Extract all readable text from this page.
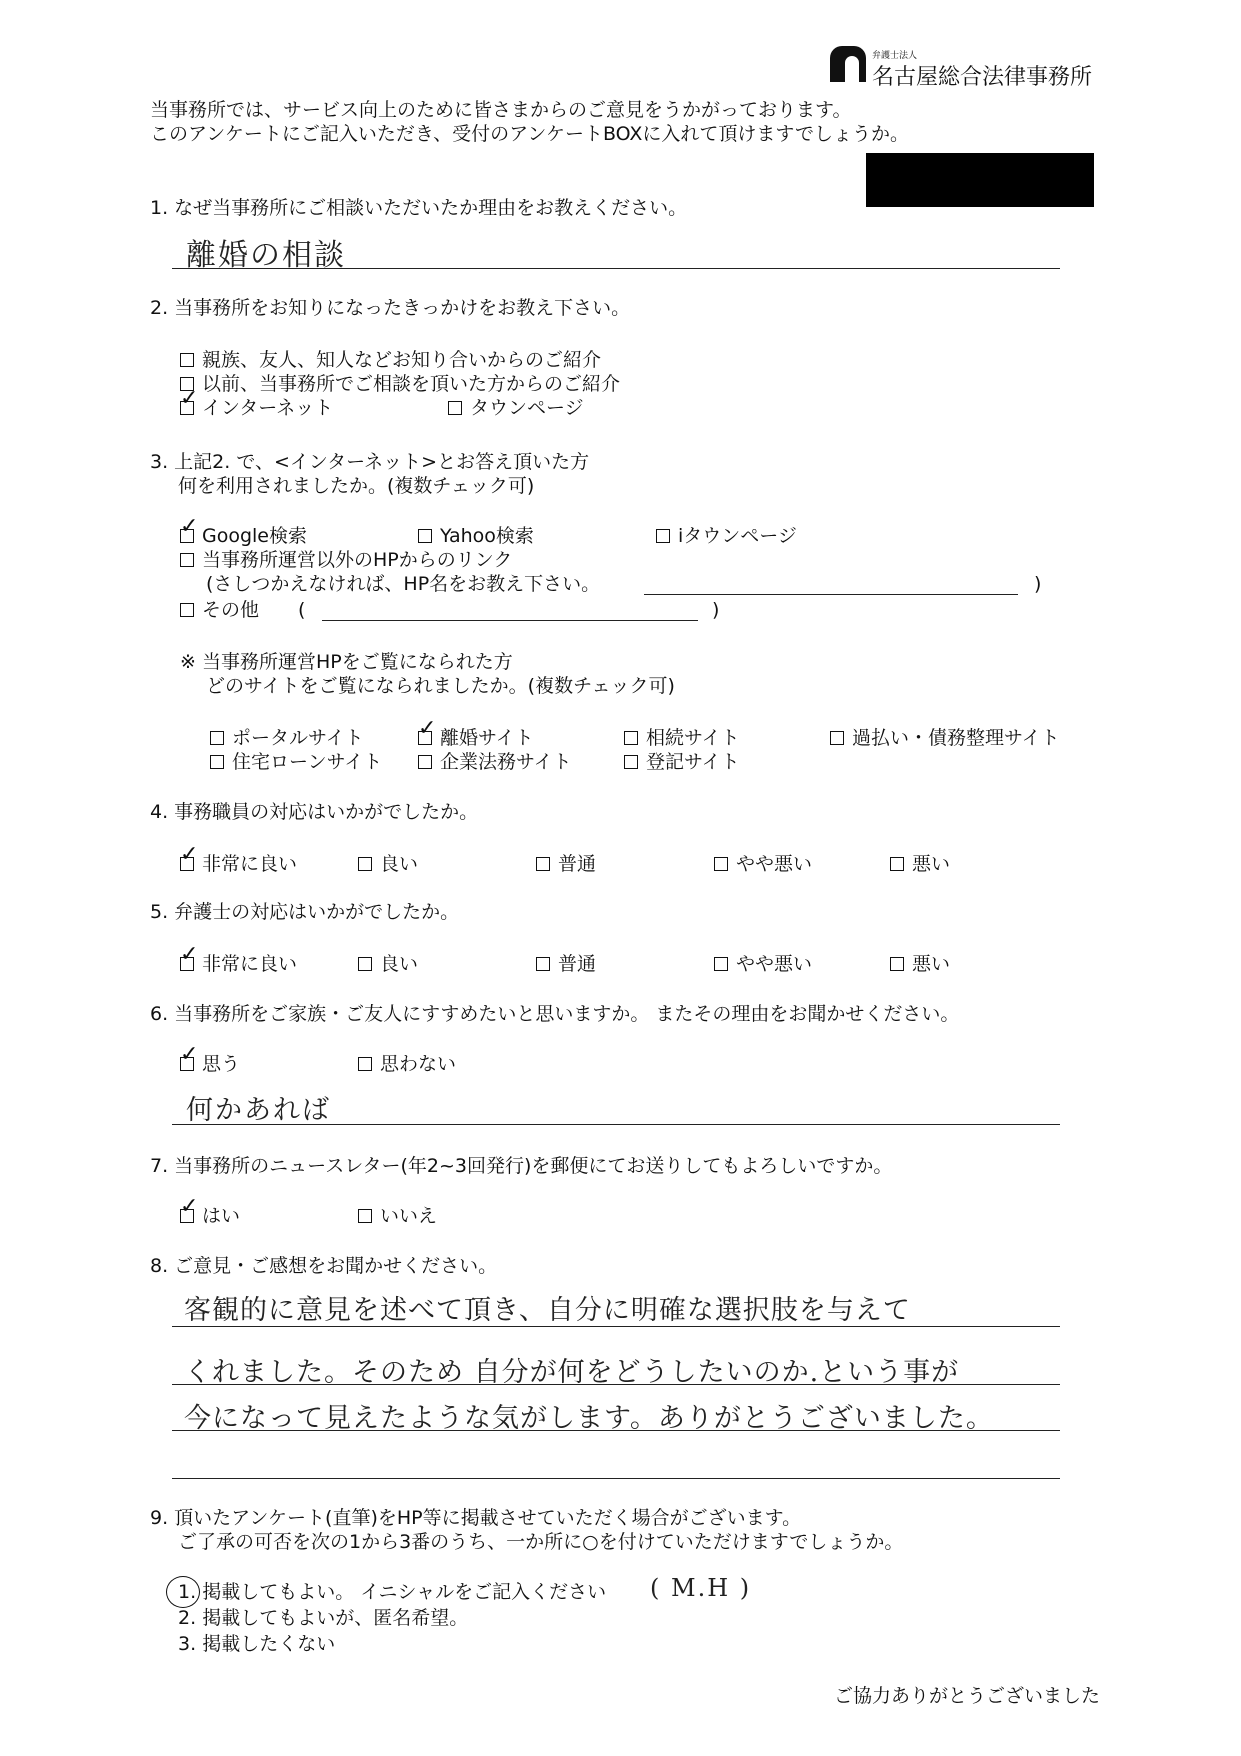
弁護士法人
名古屋総合法律事務所
当事務所では、サービス向上のために皆さまからのご意見をうかがっております。
このアンケートにご記入いただき、受付のアンケートBOXに入れて頂けますでしょうか。
1. なぜ当事務所にご相談いただいたか理由をお教えください。
離婚の相談
2. 当事務所をお知りになったきっかけをお教え下さい。
親族、友人、知人などお知り合いからのご紹介
以前、当事務所でご相談を頂いた方からのご紹介
✓インターネット	タウンページ
3. 上記2. で、<インターネット>とお答え頂いた方
何を利用されましたか。(複数チェック可)
✓Google検索	Yahoo検索	iタウンページ
当事務所運営以外のHPからのリンク
(さしつかえなければ、HP名をお教え下さい。	)
その他 (	)
※ 当事務所運営HPをご覧になられた方
どのサイトをご覧になられましたか。(複数チェック可)
ポータルサイト
✓	離婚サイト	相続サイト	過払い・債務整理サイト
住宅ローンサイト	企業法務サイト	登記サイト
4. 事務職員の対応はいかがでしたか。
✓非常に良い	良い	普通	やや悪い	悪い
5. 弁護士の対応はいかがでしたか。
✓非常に良い	良い	普通	やや悪い	悪い
6. 当事務所をご家族・ご友人にすすめたいと思いますか。 またその理由をお聞かせください。
✓思う	思わない
何かあれば
7. 当事務所のニュースレター(年2~3回発行)を郵便にてお送りしてもよろしいですか。
✓はい	いいえ
8. ご意見・ご感想をお聞かせください。
客観的に意見を述べて頂き、自分に明確な選択肢を与えて
くれました。そのため 自分が何をどうしたいのか.という事が
今になって見えたような気がします。ありがとうございました。
9. 頂いたアンケート(直筆)をHP等に掲載させていただく場合がございます。
ご了承の可否を次の1から3番のうち、一か所に○を付けていただけますでしょうか。
1. 掲載してもよい。 イニシャルをご記入ください ( M.H )
2. 掲載してもよいが、匿名希望。
3. 掲載したくない
ご協力ありがとうございました
